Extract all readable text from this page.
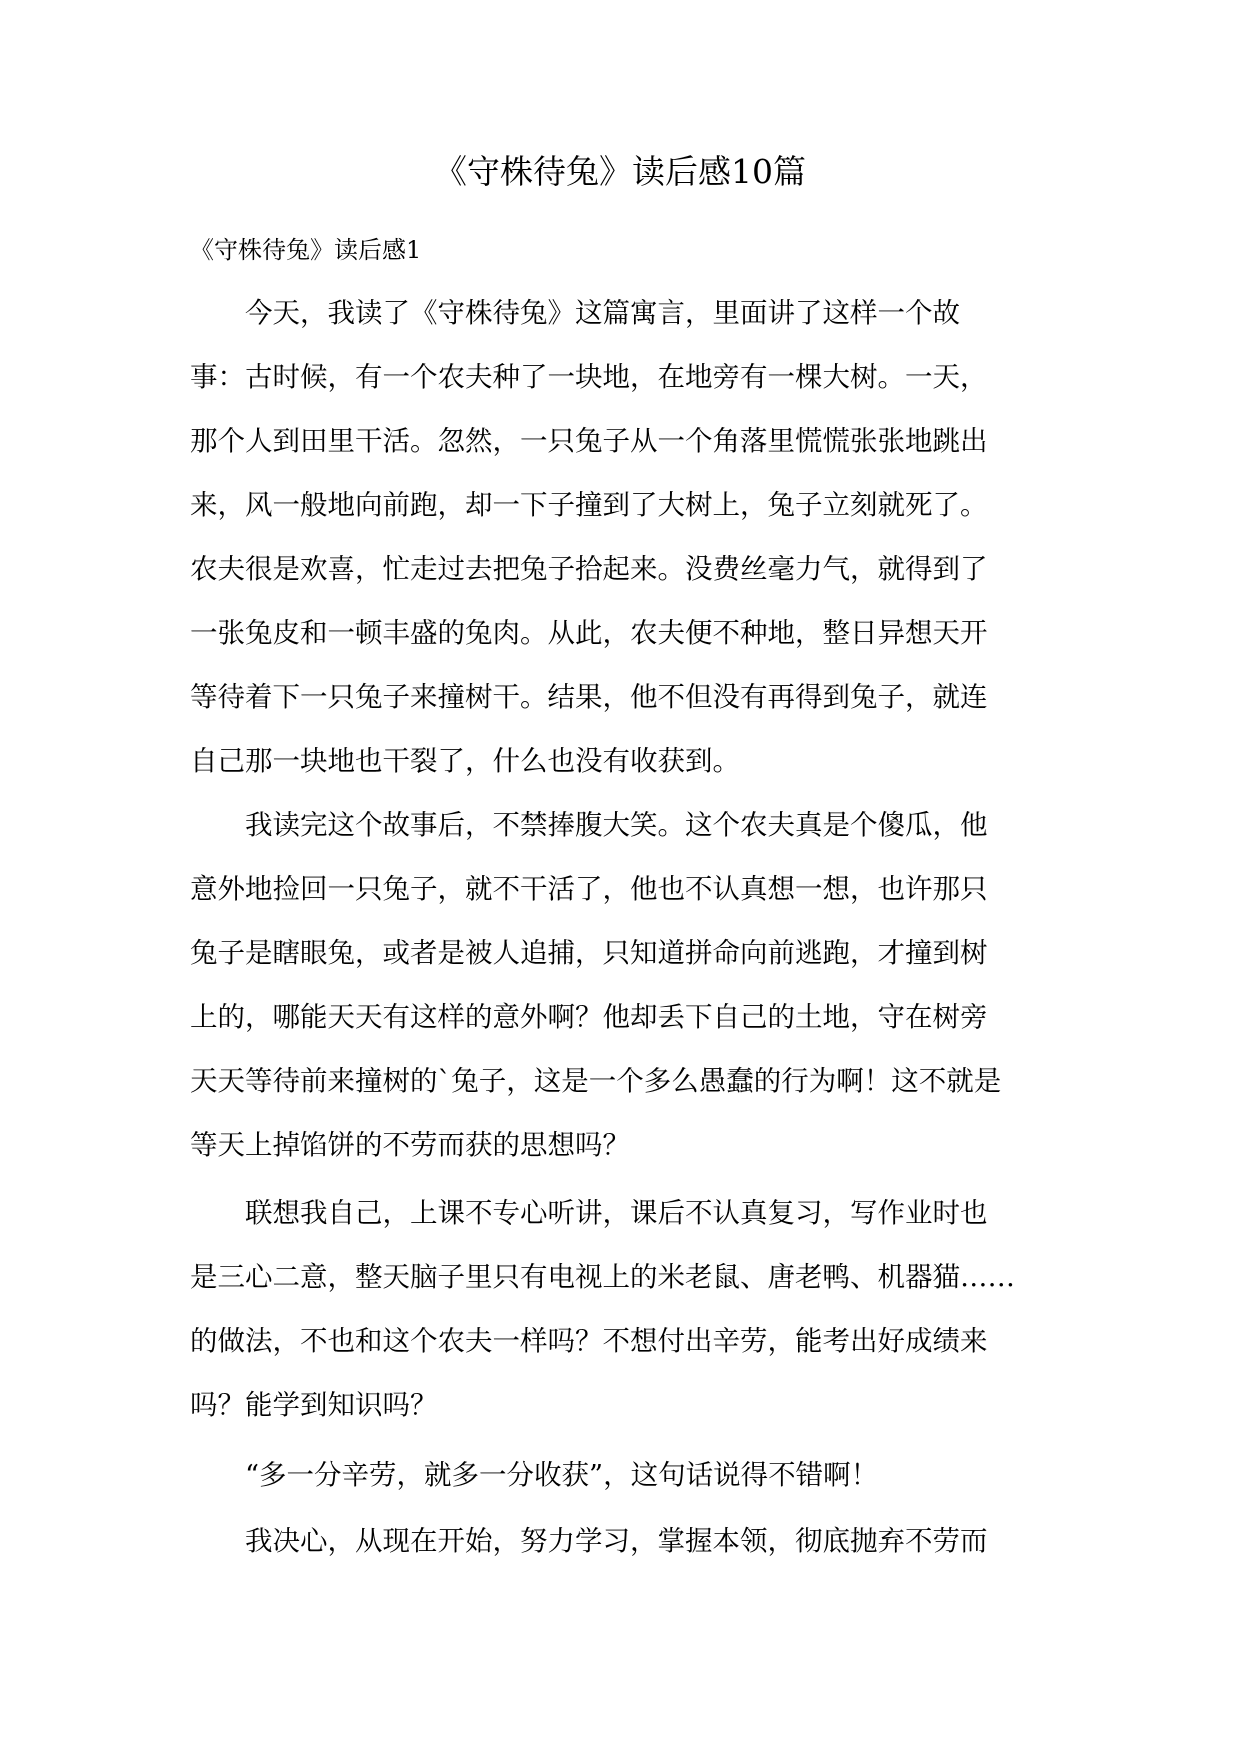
《守株待兔》读后感10篇
《守株待兔》读后感1
　　今天，我读了《守株待兔》这篇寓言，里面讲了这样一个故
事：古时候，有一个农夫种了一块地，在地旁有一棵大树。一天，
那个人到田里干活。忽然，一只兔子从一个角落里慌慌张张地跳出
来，风一般地向前跑，却一下子撞到了大树上，兔子立刻就死了。
农夫很是欢喜，忙走过去把兔子拾起来。没费丝毫力气，就得到了
一张兔皮和一顿丰盛的兔肉。从此，农夫便不种地，整日异想天开
等待着下一只兔子来撞树干。结果，他不但没有再得到兔子，就连
自己那一块地也干裂了，什么也没有收获到。
　　我读完这个故事后，不禁捧腹大笑。这个农夫真是个傻瓜，他
意外地捡回一只兔子，就不干活了，他也不认真想一想，也许那只
兔子是瞎眼兔，或者是被人追捕，只知道拼命向前逃跑，才撞到树
上的，哪能天天有这样的意外啊？他却丢下自己的土地，守在树旁
天天等待前来撞树的`兔子，这是一个多么愚蠢的行为啊！这不就是
等天上掉馅饼的不劳而获的思想吗？
　　联想我自己，上课不专心听讲，课后不认真复习，写作业时也
是三心二意，整天脑子里只有电视上的米老鼠、唐老鸭、机器猫……
的做法，不也和这个农夫一样吗？不想付出辛劳，能考出好成绩来
吗？能学到知识吗？
　　“多一分辛劳，就多一分收获”，这句话说得不错啊！
　　我决心，从现在开始，努力学习，掌握本领，彻底抛弃不劳而
